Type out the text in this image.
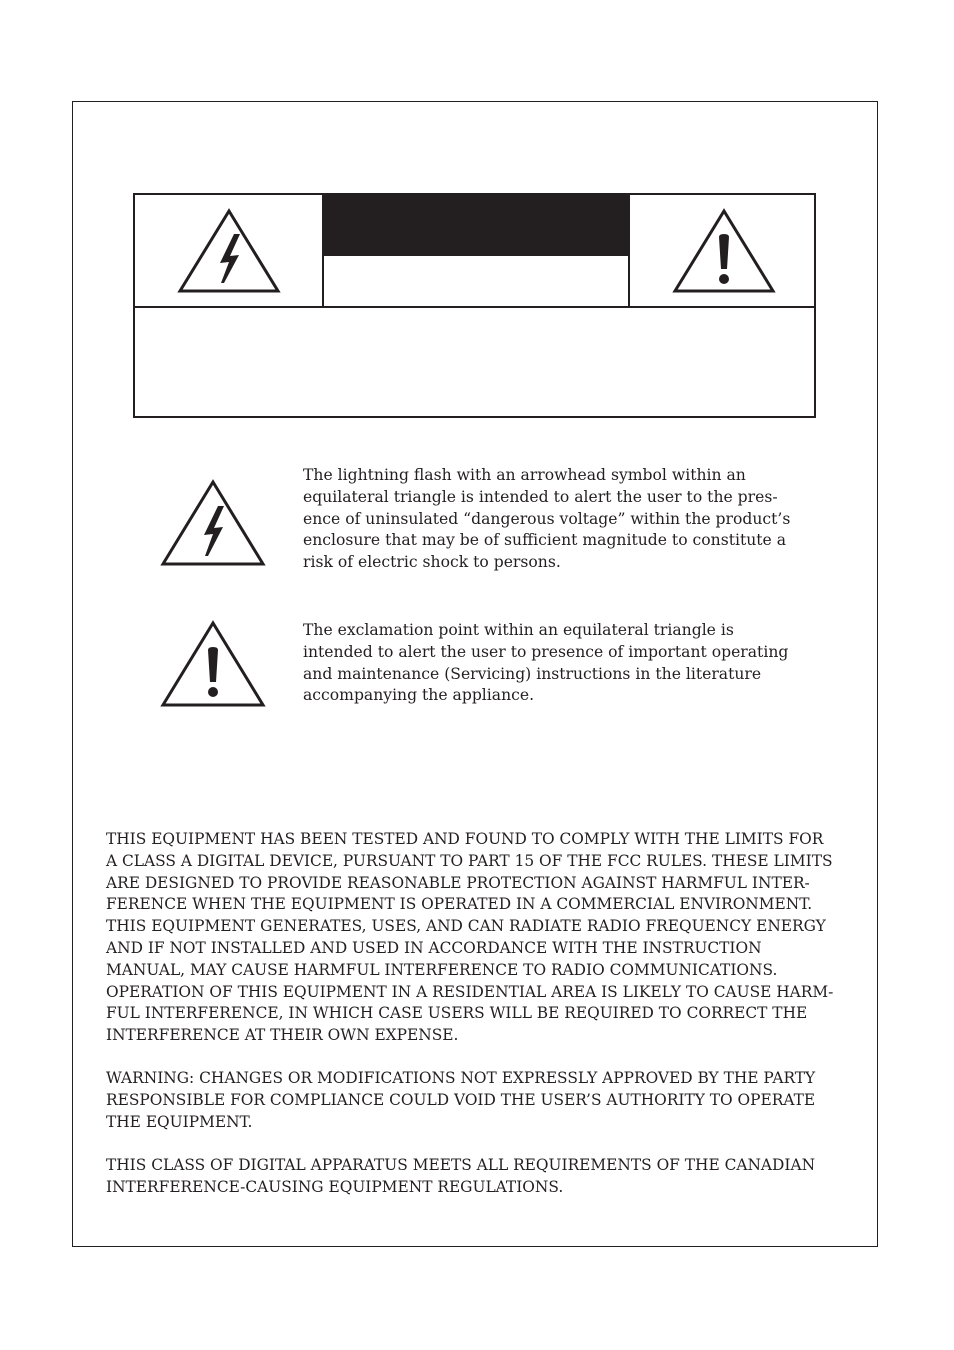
The lightning flash with an arrowhead symbol within an
equilateral triangle is intended to alert the user to the pres-
ence of uninsulated “dangerous voltage” within the product’s
enclosure that may be of sufficient magnitude to constitute a
risk of electric shock to persons.

The exclamation point within an equilateral triangle is
intended to alert the user to presence of important operating
and maintenance (Servicing) instructions in the literature
accompanying the appliance.

THIS EQUIPMENT HAS BEEN TESTED AND FOUND TO COMPLY WITH THE LIMITS FOR
A CLASS A DIGITAL DEVICE, PURSUANT TO PART 15 OF THE FCC RULES. THESE LIMITS
ARE DESIGNED TO PROVIDE REASONABLE PROTECTION AGAINST HARMFUL INTER-
FERENCE WHEN THE EQUIPMENT IS OPERATED IN A COMMERCIAL ENVIRONMENT.
THIS EQUIPMENT GENERATES, USES, AND CAN RADIATE RADIO FREQUENCY ENERGY
AND IF NOT INSTALLED AND USED IN ACCORDANCE WITH THE INSTRUCTION
MANUAL, MAY CAUSE HARMFUL INTERFERENCE TO RADIO COMMUNICATIONS.
OPERATION OF THIS EQUIPMENT IN A RESIDENTIAL AREA IS LIKELY TO CAUSE HARM-
FUL INTERFERENCE, IN WHICH CASE USERS WILL BE REQUIRED TO CORRECT THE
INTERFERENCE AT THEIR OWN EXPENSE.

WARNING: CHANGES OR MODIFICATIONS NOT EXPRESSLY APPROVED BY THE PARTY
RESPONSIBLE FOR COMPLIANCE COULD VOID THE USER’S AUTHORITY TO OPERATE
THE EQUIPMENT.

THIS CLASS OF DIGITAL APPARATUS MEETS ALL REQUIREMENTS OF THE CANADIAN
INTERFERENCE-CAUSING EQUIPMENT REGULATIONS.
